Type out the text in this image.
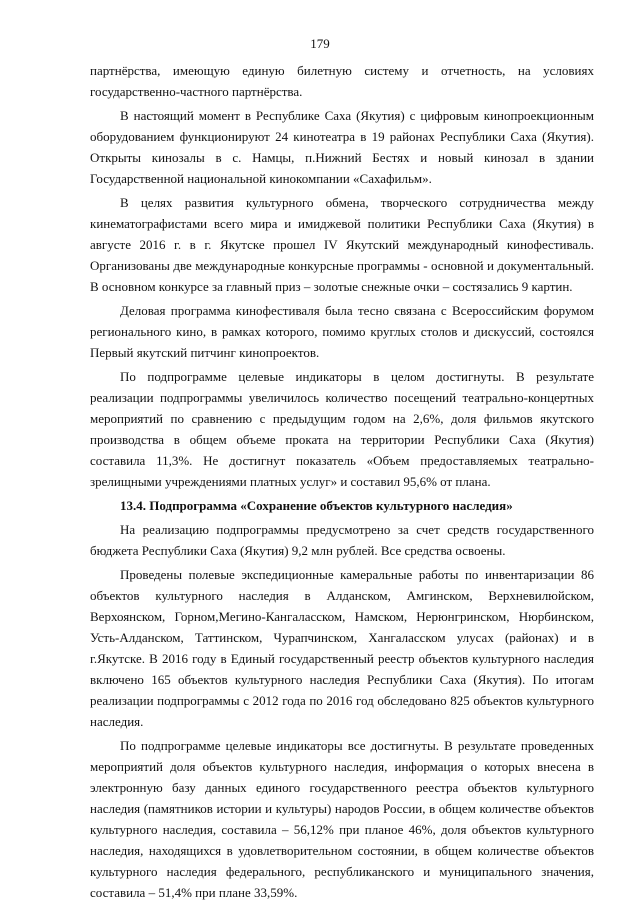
179

партнёрства, имеющую единую билетную систему и отчетность, на условиях государственно-частного партнёрства.

В настоящий момент в Республике Саха (Якутия) с цифровым кинопроекционным оборудованием функционируют 24 кинотеатра в 19 районах Республики Саха (Якутия). Открыты кинозалы в с. Намцы, п.Нижний Бестях и новый кинозал в здании Государственной национальной кинокомпании «Сахафильм».

В целях развития культурного обмена, творческого сотрудничества между кинематографистами всего мира и имиджевой политики Республики Саха (Якутия) в августе 2016 г. в г. Якутске прошел IV Якутский международный кинофестиваль. Организованы две международные конкурсные программы - основной и документальный. В основном конкурсе за главный приз – золотые снежные очки – состязались 9 картин.

Деловая программа кинофестиваля была тесно связана с Всероссийским форумом регионального кино, в рамках которого, помимо круглых столов и дискуссий, состоялся Первый якутский питчинг кинопроектов.

По подпрограмме целевые индикаторы в целом достигнуты. В результате реализации подпрограммы увеличилось количество посещений театрально-концертных мероприятий по сравнению с предыдущим годом на 2,6%, доля фильмов якутского производства в общем объеме проката на территории Республики Саха (Якутия) составила 11,3%. Не достигнут показатель «Объем предоставляемых театрально-зрелищными учреждениями платных услуг» и составил 95,6% от плана.

13.4. Подпрограмма «Сохранение объектов культурного наследия»

На реализацию подпрограммы предусмотрено за счет средств государственного бюджета Республики Саха (Якутия) 9,2 млн рублей. Все средства освоены.

Проведены полевые экспедиционные камеральные работы по инвентаризации 86 объектов культурного наследия в Алданском, Амгинском, Верхневилюйском, Верхоянском, Горном,Мегино-Кангаласском, Намском, Нерюнгринском, Нюрбинском, Усть-Алданском, Таттинском, Чурапчинском, Хангаласском улусах (районах) и в г.Якутске. В 2016 году в Единый государственный реестр объектов культурного наследия включено 165 объектов культурного наследия Республики Саха (Якутия). По итогам реализации подпрограммы с 2012 года по 2016 год обследовано 825 объектов культурного наследия.

По подпрограмме целевые индикаторы все достигнуты. В результате проведенных мероприятий доля объектов культурного наследия, информация о которых внесена в электронную базу данных единого государственного реестра объектов культурного наследия (памятников истории и культуры) народов России, в общем количестве объектов культурного наследия, составила – 56,12% при планое 46%, доля объектов культурного наследия, находящихся в удовлетворительном состоянии, в общем количестве объектов культурного наследия федерального, республиканского и муниципального значения, составила – 51,4% при плане 33,59%.
